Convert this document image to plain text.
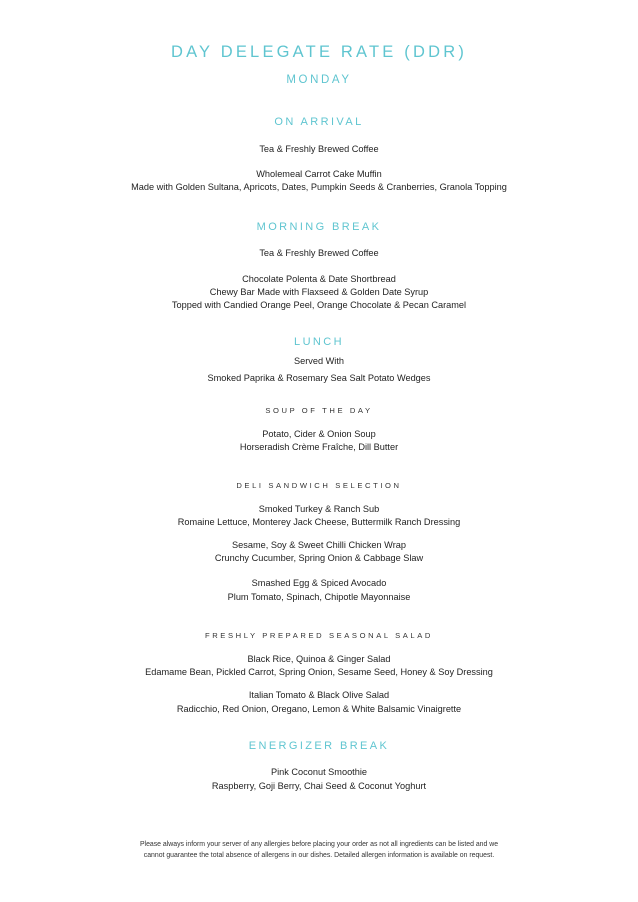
DAY DELEGATE RATE (DDR)
MONDAY
ON ARRIVAL
Tea & Freshly Brewed Coffee
Wholemeal Carrot Cake Muffin
Made with Golden Sultana, Apricots, Dates, Pumpkin Seeds & Cranberries, Granola Topping
MORNING BREAK
Tea & Freshly Brewed Coffee
Chocolate Polenta & Date Shortbread
Chewy Bar Made with Flaxseed & Golden Date Syrup
Topped with Candied Orange Peel, Orange Chocolate & Pecan Caramel
LUNCH
Served With
Smoked Paprika & Rosemary Sea Salt Potato Wedges
SOUP OF THE DAY
Potato, Cider & Onion Soup
Horseradish Crème Fraîche, Dill Butter
DELI SANDWICH SELECTION
Smoked Turkey & Ranch Sub
Romaine Lettuce, Monterey Jack Cheese, Buttermilk Ranch Dressing
Sesame, Soy & Sweet Chilli Chicken Wrap
Crunchy Cucumber, Spring Onion & Cabbage Slaw
Smashed Egg & Spiced Avocado
Plum Tomato, Spinach, Chipotle Mayonnaise
FRESHLY PREPARED SEASONAL SALAD
Black Rice, Quinoa & Ginger Salad
Edamame Bean, Pickled Carrot, Spring Onion, Sesame Seed, Honey & Soy Dressing
Italian Tomato & Black Olive Salad
Radicchio, Red Onion, Oregano, Lemon & White Balsamic Vinaigrette
ENERGIZER BREAK
Pink Coconut Smoothie
Raspberry, Goji Berry, Chai Seed & Coconut Yoghurt
Please always inform your server of any allergies before placing your order as not all ingredients can be listed and we
cannot guarantee the total absence of allergens in our dishes. Detailed allergen information is available on request.
